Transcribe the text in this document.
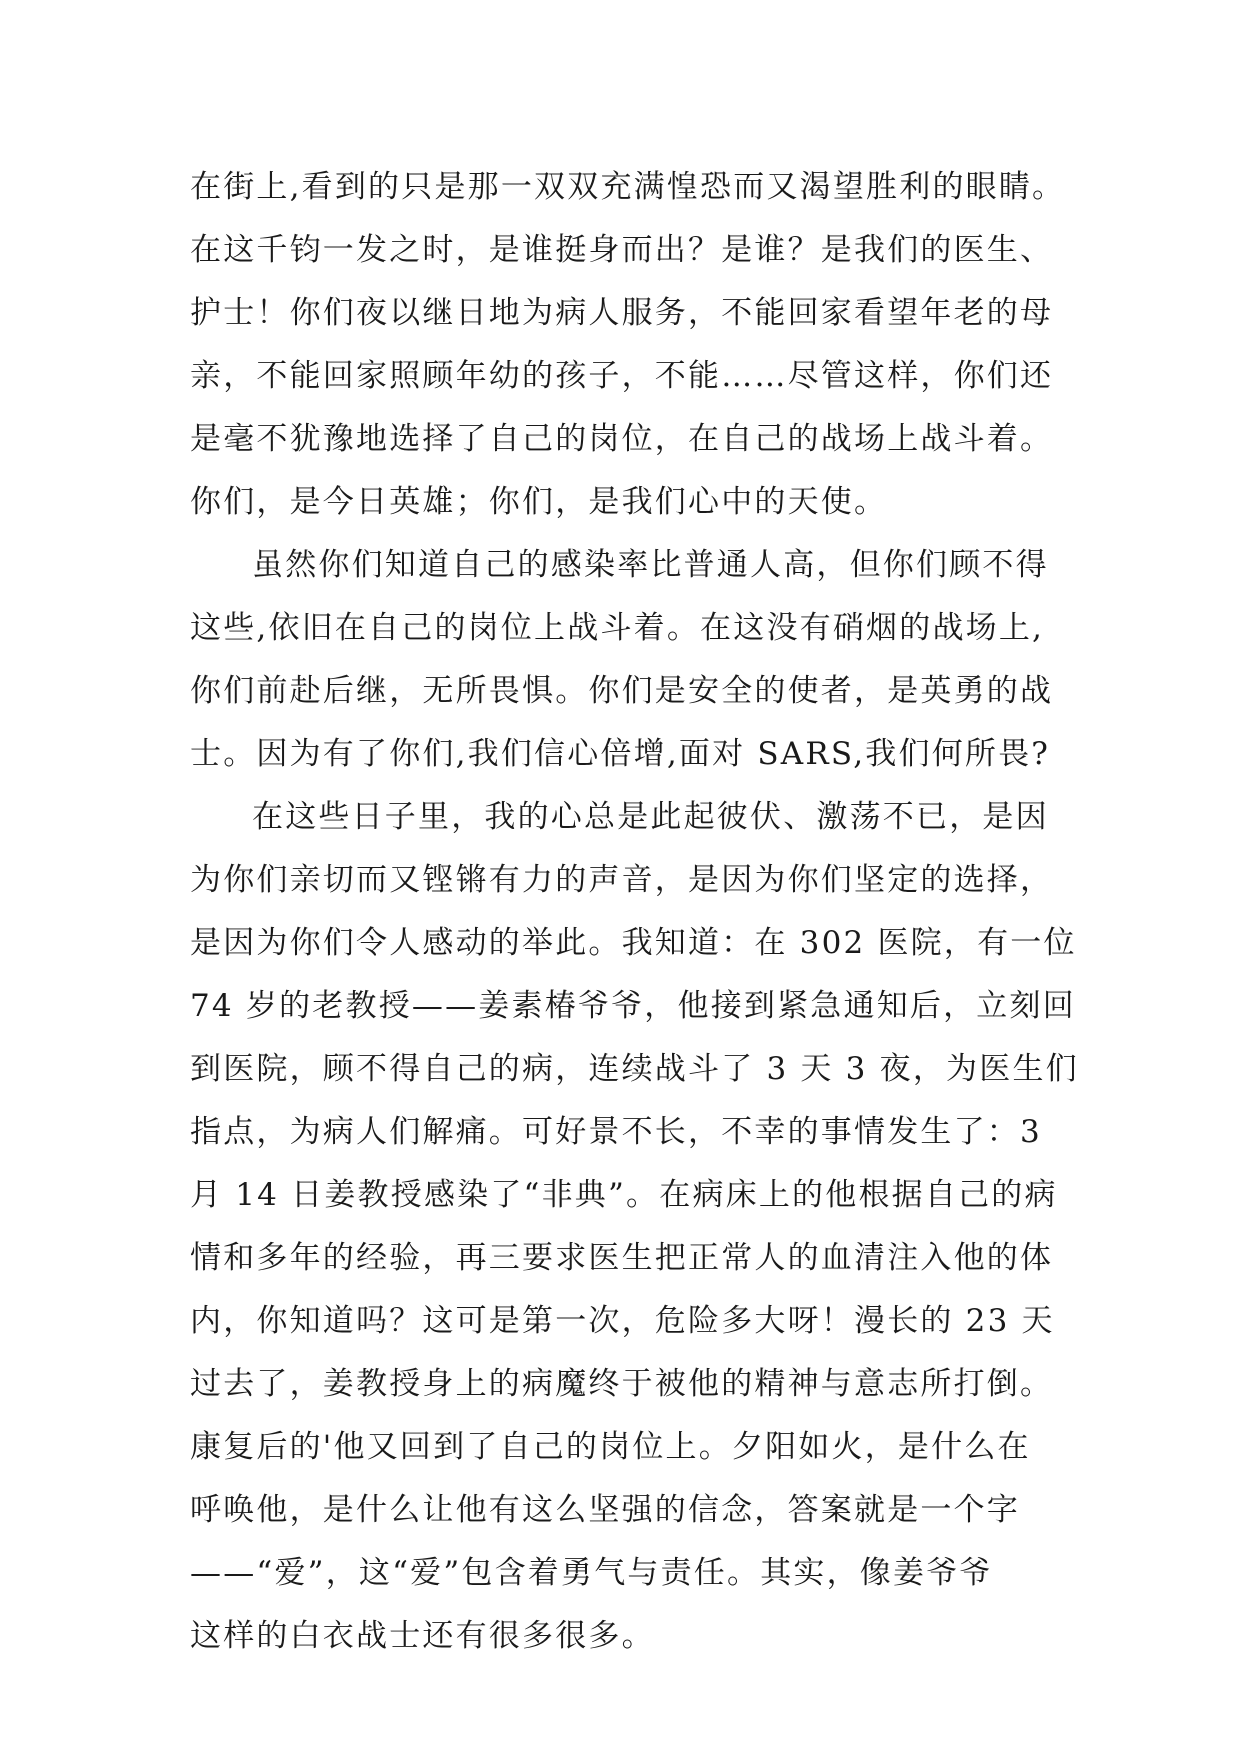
在街上,看到的只是那一双双充满惶恐而又渴望胜利的眼睛。

在这千钧一发之时，是谁挺身而出？是谁？是我们的医生、

护士！你们夜以继日地为病人服务，不能回家看望年老的母

亲，不能回家照顾年幼的孩子，不能……尽管这样，你们还

是毫不犹豫地选择了自己的岗位，在自己的战场上战斗着。

你们，是今日英雄；你们，是我们心中的天使。

虽然你们知道自己的感染率比普通人高，但你们顾不得

这些,依旧在自己的岗位上战斗着。在这没有硝烟的战场上,

你们前赴后继，无所畏惧。你们是安全的使者，是英勇的战

士。因为有了你们,我们信心倍增,面对 SARS,我们何所畏?

在这些日子里，我的心总是此起彼伏、激荡不已，是因

为你们亲切而又铿锵有力的声音，是因为你们坚定的选择，

是因为你们令人感动的举此。我知道：在 302 医院，有一位

74 岁的老教授——姜素椿爷爷，他接到紧急通知后，立刻回

到医院，顾不得自己的病，连续战斗了 3 天 3 夜，为医生们

指点，为病人们解痛。可好景不长，不幸的事情发生了：3

月 14 日姜教授感染了“非典”。在病床上的他根据自己的病

情和多年的经验，再三要求医生把正常人的血清注入他的体

内，你知道吗？这可是第一次，危险多大呀！漫长的 23 天

过去了，姜教授身上的病魔终于被他的精神与意志所打倒。

康复后的'他又回到了自己的岗位上。夕阳如火，是什么在

呼唤他，是什么让他有这么坚强的信念，答案就是一个字

——“爱”，这“爱”包含着勇气与责任。其实，像姜爷爷

这样的白衣战士还有很多很多。
